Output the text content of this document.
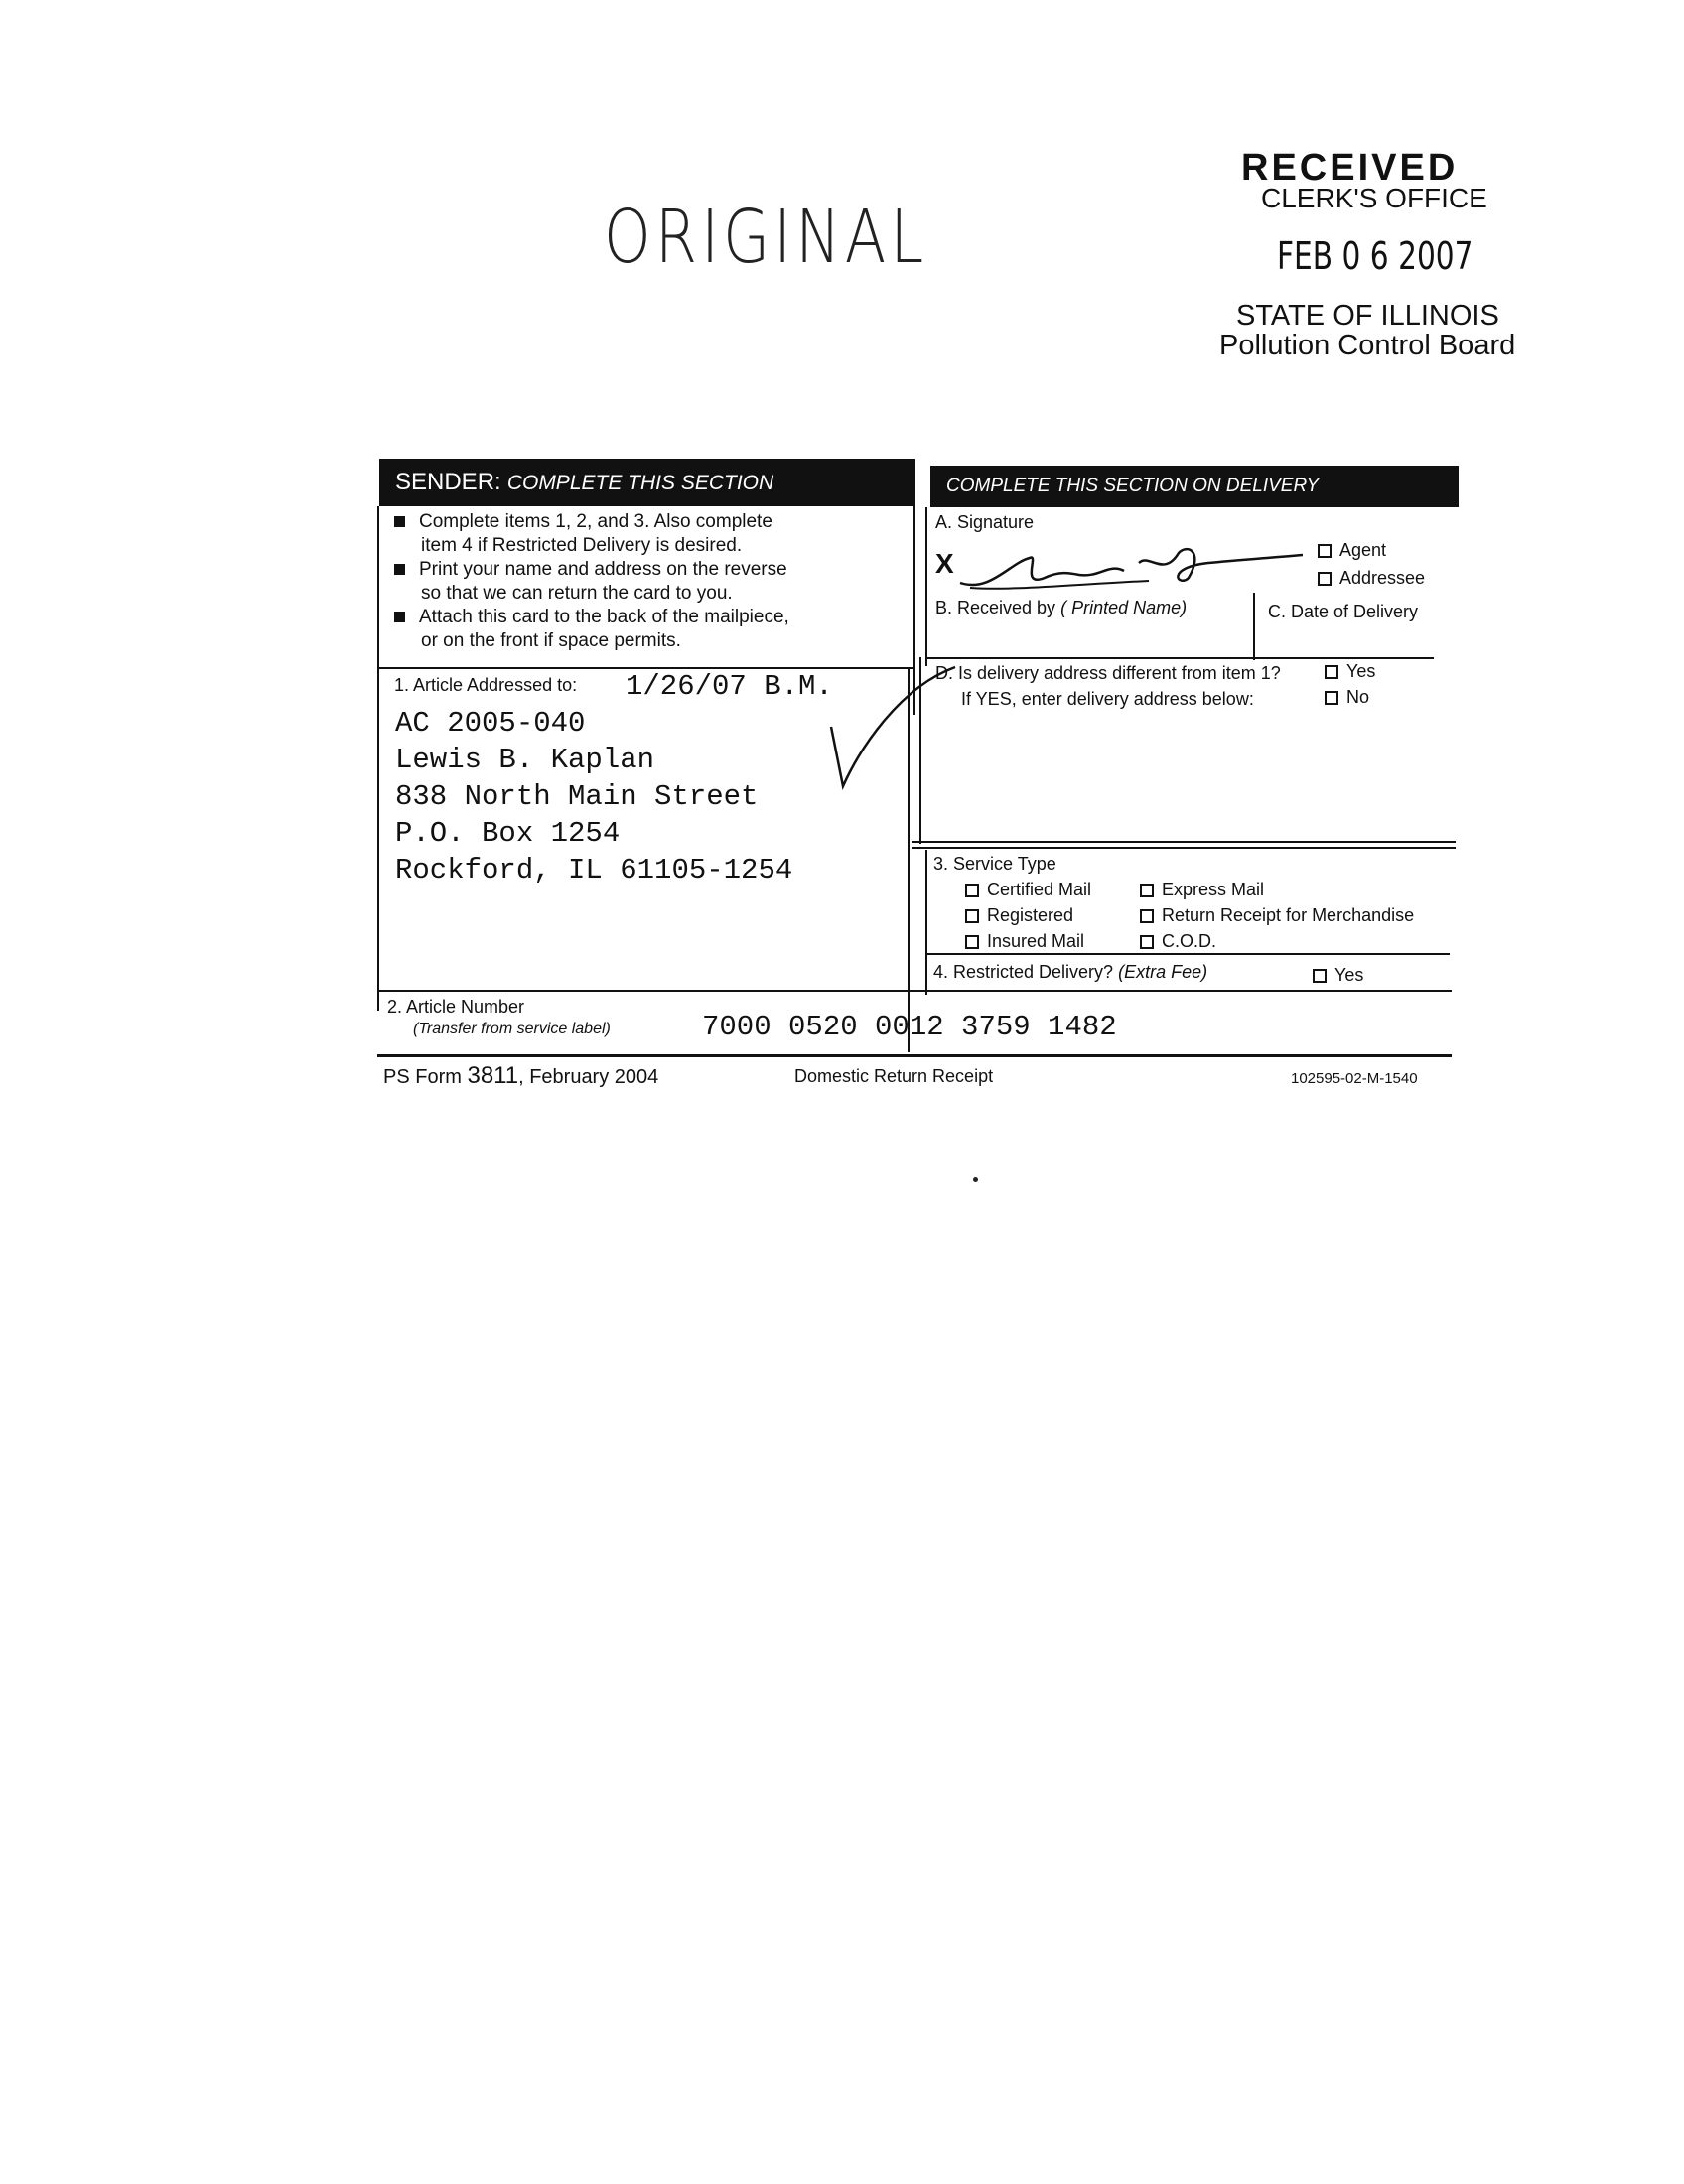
ORIGINAL
RECEIVED
CLERK'S OFFICE
FEB 0 6 2007
STATE OF ILLINOIS
Pollution Control Board
SENDER: COMPLETE THIS SECTION	COMPLETE THIS SECTION ON DELIVERY
Complete items 1, 2, and 3. Also complete
item 4 if Restricted Delivery is desired.
Print your name and address on the reverse
so that we can return the card to you.
Attach this card to the back of the mailpiece,
or on the front if space permits.
1. Article Addressed to: 1/26/07 B.M.
AC 2005-040
Lewis B. Kaplan
838 North Main Street
P.O. Box 1254
Rockford, IL 61105-1254
A. Signature
X	Agent
Addressee
B. Received by ( Printed Name)	C. Date of Delivery
D. Is delivery address different from item 1?	Yes
If YES, enter delivery address below:	No
3. Service Type
Certified Mail	Express Mail
Registered	Return Receipt for Merchandise
Insured Mail	C.O.D.
4. Restricted Delivery? (Extra Fee)	Yes
2. Article Number
(Transfer from service label)	7000 0520 0012 3759 1482
PS Form 3811, February 2004	Domestic Return Receipt	102595-02-M-1540
